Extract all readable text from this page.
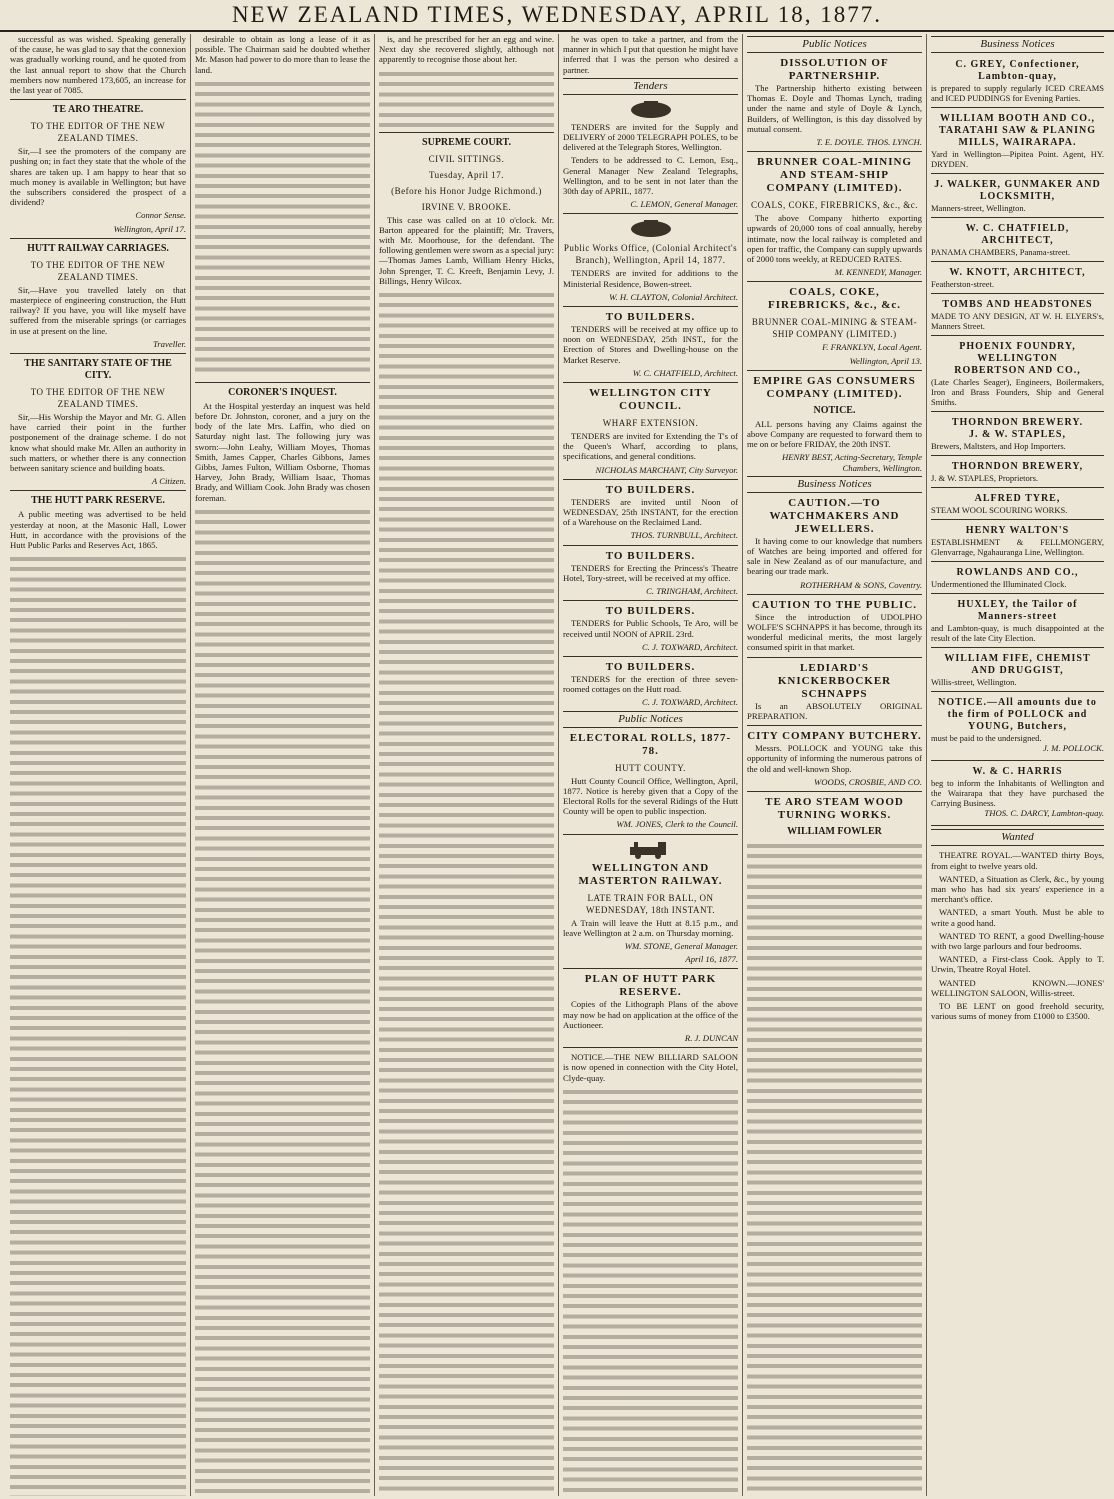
NEW ZEALAND TIMES, WEDNESDAY, APRIL 18, 1877.

successful as was wished. Speaking generally of the cause, he was glad to say that the connexion was gradually working round, and he quoted from the last annual report to show that the Church members now numbered 173,605, an increase for the last year of 7085.

TE ARO THEATRE.
TO THE EDITOR OF THE NEW ZEALAND TIMES.

Sir,—I see the promoters of the company are pushing on; in fact they state that the whole of the shares are taken up. I am happy to hear that so much money is available in Wellington; but have the subscribers considered the prospect of a dividend?

Connor Sense.
Wellington, April 17.
HUTT RAILWAY CARRIAGES.
TO THE EDITOR OF THE NEW ZEALAND TIMES.

Sir,—Have you travelled lately on that masterpiece of engineering construction, the Hutt railway? If you have, you will like myself have suffered from the miserable springs (or carriages in use at present on the line.

Traveller.
THE SANITARY STATE OF THE CITY.
TO THE EDITOR OF THE NEW ZEALAND TIMES.

Sir,—His Worship the Mayor and Mr. G. Allen have carried their point in the further postponement of the drainage scheme. I do not know what should make Mr. Allen an authority in such matters, or whether there is any connection between sanitary science and building boats.

A Citizen.
THE HUTT PARK RESERVE.

A public meeting was advertised to be held yesterday at noon, at the Masonic Hall, Lower Hutt, in accordance with the provisions of the Hutt Public Parks and Reserves Act, 1865.

desirable to obtain as long a lease of it as possible. The Chairman said he doubted whether Mr. Mason had power to do more than to lease the land.

CORONER'S INQUEST.

At the Hospital yesterday an inquest was held before Dr. Johnston, coroner, and a jury on the body of the late Mrs. Laffin, who died on Saturday night last. The following jury was sworn:—John Leahy, William Moyes, Thomas Smith, James Capper, Charles Gibbons, James Gibbs, James Fulton, William Osborne, Thomas Harvey, John Brady, William Isaac, Thomas Brady, and William Cook. John Brady was chosen foreman.

is, and he prescribed for her an egg and wine. Next day she recovered slightly, although not apparently to recognise those about her.

SUPREME COURT.
CIVIL SITTINGS.
Tuesday, April 17.
(Before his Honor Judge Richmond.)
IRVINE V. BROOKE.

This case was called on at 10 o'clock. Mr. Barton appeared for the plaintiff; Mr. Travers, with Mr. Moorhouse, for the defendant. The following gentlemen were sworn as a special jury:—Thomas James Lamb, William Henry Hicks, John Sprenger, T. C. Kreeft, Benjamin Levy, J. Billings, Henry Wilcox.

he was open to take a partner, and from the manner in which I put that question he might have inferred that I was the person who desired a partner.

Tenders

TENDERS are invited for the Supply and DELIVERY of 2000 TELEGRAPH POLES, to be delivered at the Telegraph Stores, Wellington.

Tenders to be addressed to C. Lemon, Esq., General Manager New Zealand Telegraphs, Wellington, and to be sent in not later than the 30th day of APRIL, 1877.

C. LEMON, General Manager.
Public Works Office, (Colonial Architect's Branch), Wellington, April 14, 1877.

TENDERS are invited for additions to the Ministerial Residence, Bowen-street.

W. H. CLAYTON, Colonial Architect.
TO BUILDERS.

TENDERS will be received at my office up to noon on WEDNESDAY, 25th INST., for the Erection of Stores and Dwelling-house on the Market Reserve.

W. C. CHATFIELD, Architect.
WELLINGTON CITY COUNCIL.
WHARF EXTENSION.

TENDERS are invited for Extending the T's of the Queen's Wharf, according to plans, specifications, and general conditions.

NICHOLAS MARCHANT, City Surveyor.
TO BUILDERS.

TENDERS are invited until Noon of WEDNESDAY, 25th INSTANT, for the erection of a Warehouse on the Reclaimed Land.

THOS. TURNBULL, Architect.
TO BUILDERS.

TENDERS for Erecting the Princess's Theatre Hotel, Tory-street, will be received at my office.

C. TRINGHAM, Architect.
TO BUILDERS.

TENDERS for Public Schools, Te Aro, will be received until NOON of APRIL 23rd.

C. J. TOXWARD, Architect.
TO BUILDERS.

TENDERS for the erection of three seven-roomed cottages on the Hutt road.

C. J. TOXWARD, Architect.
Public Notices
ELECTORAL ROLLS, 1877-78.
HUTT COUNTY.

Hutt County Council Office, Wellington, April, 1877. Notice is hereby given that a Copy of the Electoral Rolls for the several Ridings of the Hutt County will be open to public inspection.

WM. JONES, Clerk to the Council.
WELLINGTON AND MASTERTON RAILWAY.
LATE TRAIN FOR BALL, ON WEDNESDAY, 18th INSTANT.

A Train will leave the Hutt at 8.15 p.m., and leave Wellington at 2 a.m. on Thursday morning.

WM. STONE, General Manager.
April 16, 1877.
PLAN OF HUTT PARK RESERVE.

Copies of the Lithograph Plans of the above may now be had on application at the office of the Auctioneer.

R. J. DUNCAN

NOTICE.—THE NEW BILLIARD SALOON is now opened in connection with the City Hotel, Clyde-quay.

Public Notices
DISSOLUTION OF PARTNERSHIP.

The Partnership hitherto existing between Thomas E. Doyle and Thomas Lynch, trading under the name and style of Doyle & Lynch, Builders, of Wellington, is this day dissolved by mutual consent.

T. E. DOYLE. THOS. LYNCH.
BRUNNER COAL-MINING AND STEAM-SHIP COMPANY (LIMITED).
COALS, COKE, FIREBRICKS, &c., &c.

The above Company hitherto exporting upwards of 20,000 tons of coal annually, hereby intimate, now the local railway is completed and open for traffic, the Company can supply upwards of 2000 tons weekly, at REDUCED RATES.

M. KENNEDY, Manager.
COALS, COKE, FIREBRICKS, &c., &c.
BRUNNER COAL-MINING & STEAM-SHIP COMPANY (LIMITED.)
F. FRANKLYN, Local Agent.
Wellington, April 13.
EMPIRE GAS CONSUMERS COMPANY (LIMITED).
NOTICE.

ALL persons having any Claims against the above Company are requested to forward them to me on or before FRIDAY, the 20th INST.

HENRY BEST, Acting-Secretary, Temple Chambers, Wellington.
Business Notices
CAUTION.—TO WATCHMAKERS AND JEWELLERS.

It having come to our knowledge that numbers of Watches are being imported and offered for sale in New Zealand as of our manufacture, and bearing our trade mark.

ROTHERHAM & SONS, Coventry.
CAUTION TO THE PUBLIC.

Since the introduction of UDOLPHO WOLFE'S SCHNAPPS it has become, through its wonderful medicinal merits, the most largely consumed spirit in that market.

LEDIARD'S KNICKERBOCKER SCHNAPPS

Is an ABSOLUTELY ORIGINAL PREPARATION.

CITY COMPANY BUTCHERY.

Messrs. POLLOCK and YOUNG take this opportunity of informing the numerous patrons of the old and well-known Shop.

WOODS, CROSBIE, AND CO.
TE ARO STEAM WOOD TURNING WORKS.
WILLIAM FOWLER
Business Notices
C. GREY, Confectioner, Lambton-quay,
is prepared to supply regularly ICED CREAMS and ICED PUDDINGS for Evening Parties.
WILLIAM BOOTH AND CO.,
TARATAHI SAW & PLANING MILLS, WAIRARAPA.
Yard in Wellington—Pipitea Point. Agent, HY. DRYDEN.
J. WALKER, GUNMAKER AND LOCKSMITH,
Manners-street, Wellington.
W. C. CHATFIELD, ARCHITECT,
PANAMA CHAMBERS, Panama-street.
W. KNOTT, ARCHITECT,
Featherston-street.
TOMBS AND HEADSTONES
MADE TO ANY DESIGN, AT W. H. ELYERS's, Manners Street.
PHOENIX FOUNDRY, WELLINGTON
ROBERTSON AND CO.,
(Late Charles Seager), Engineers, Boilermakers, Iron and Brass Founders, Ship and General Smiths.
THORNDON BREWERY.
J. & W. STAPLES,
Brewers, Maltsters, and Hop Importers.
THORNDON BREWERY,
J. & W. STAPLES, Proprietors.
ALFRED TYRE,
STEAM WOOL SCOURING WORKS.
HENRY WALTON'S
ESTABLISHMENT & FELLMONGERY, Glenvarrage, Ngahauranga Line, Wellington.
ROWLANDS AND CO.,
Undermentioned the Illuminated Clock.
HUXLEY, the Tailor of Manners-street
and Lambton-quay, is much disappointed at the result of the late City Election.
WILLIAM FIFE, CHEMIST AND DRUGGIST,
Willis-street, Wellington.
NOTICE.—All amounts due to the firm of POLLOCK and YOUNG, Butchers,
must be paid to the undersigned.
J. M. POLLOCK.
W. & C. HARRIS
beg to inform the Inhabitants of Wellington and the Wairarapa that they have purchased the Carrying Business.
THOS. C. DARCY, Lambton-quay.
Wanted

THEATRE ROYAL.—WANTED thirty Boys, from eight to twelve years old.

WANTED, a Situation as Clerk, &c., by young man who has had six years' experience in a merchant's office.

WANTED, a smart Youth. Must be able to write a good hand.

WANTED TO RENT, a good Dwelling-house with two large parlours and four bedrooms.

WANTED, a First-class Cook. Apply to T. Urwin, Theatre Royal Hotel.

WANTED KNOWN.—JONES' WELLINGTON SALOON, Willis-street.

TO BE LENT on good freehold security, various sums of money from £1000 to £3500.
